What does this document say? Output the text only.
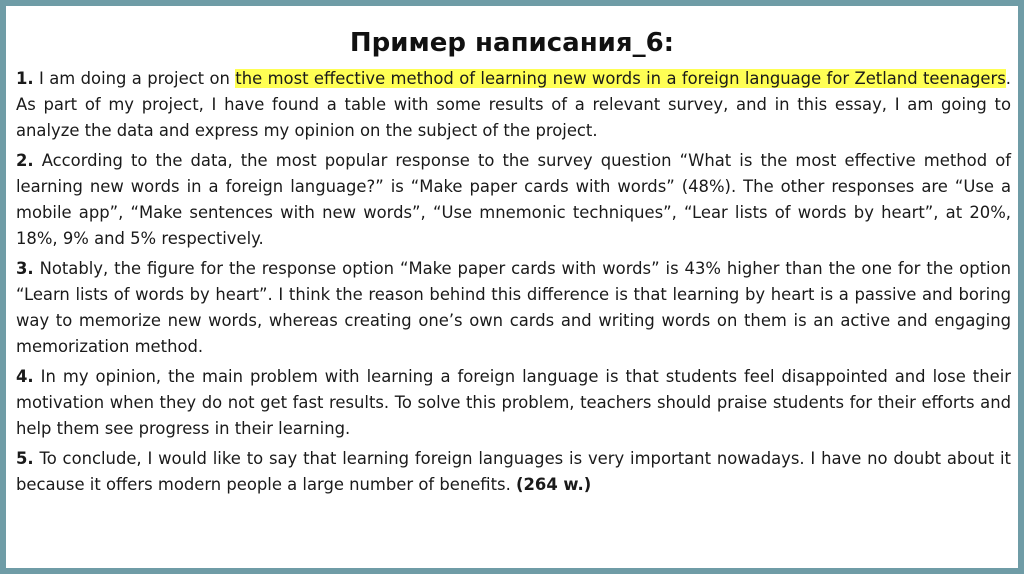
Пример написания_6:

1. I am doing a project on the most effective method of learning new words in a foreign language for Zetland teenagers. As part of my project, I have found a table with some results of a relevant survey, and in this essay, I am going to analyze the data and express my opinion on the subject of the project.

2. According to the data, the most popular response to the survey question “What is the most effective method of learning new words in a foreign language?” is “Make paper cards with words” (48%). The other responses are “Use a mobile app”, “Make sentences with new words”, “Use mnemonic techniques”, “Lear lists of words by heart”, at 20%, 18%, 9% and 5% respectively.

3. Notably, the figure for the response option “Make paper cards with words” is 43% higher than the one for the option “Learn lists of words by heart”. I think the reason behind this difference is that learning by heart is a passive and boring way to memorize new words, whereas creating one’s own cards and writing words on them is an active and engaging memorization method.

4. In my opinion, the main problem with learning a foreign language is that students feel disappointed and lose their motivation when they do not get fast results. To solve this problem, teachers should praise students for their efforts and help them see progress in their learning.

5. To conclude, I would like to say that learning foreign languages is very important nowadays. I have no doubt about it because it offers modern people a large number of benefits. (264 w.)
